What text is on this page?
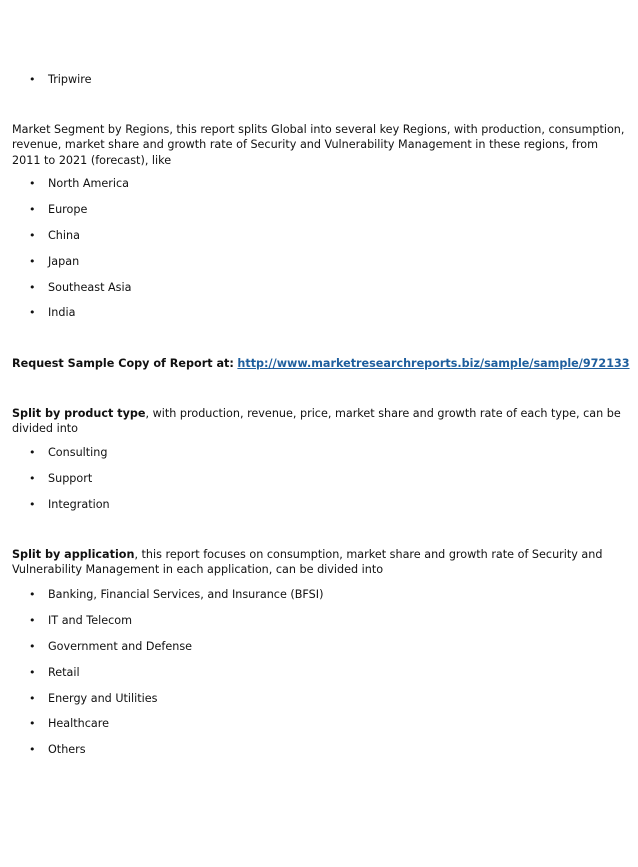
• Tripwire

Market Segment by Regions, this report splits Global into several key Regions, with production, consumption, revenue, market share and growth rate of Security and Vulnerability Management in these regions, from 2011 to 2021 (forecast), like

• North America
• Europe
• China
• Japan
• Southeast Asia
• India

Request Sample Copy of Report at: http://www.marketresearchreports.biz/sample/sample/972133

Split by product type, with production, revenue, price, market share and growth rate of each type, can be divided into

• Consulting
• Support
• Integration

Split by application, this report focuses on consumption, market share and growth rate of Security and Vulnerability Management in each application, can be divided into

• Banking, Financial Services, and Insurance (BFSI)
• IT and Telecom
• Government and Defense
• Retail
• Energy and Utilities
• Healthcare
• Others
